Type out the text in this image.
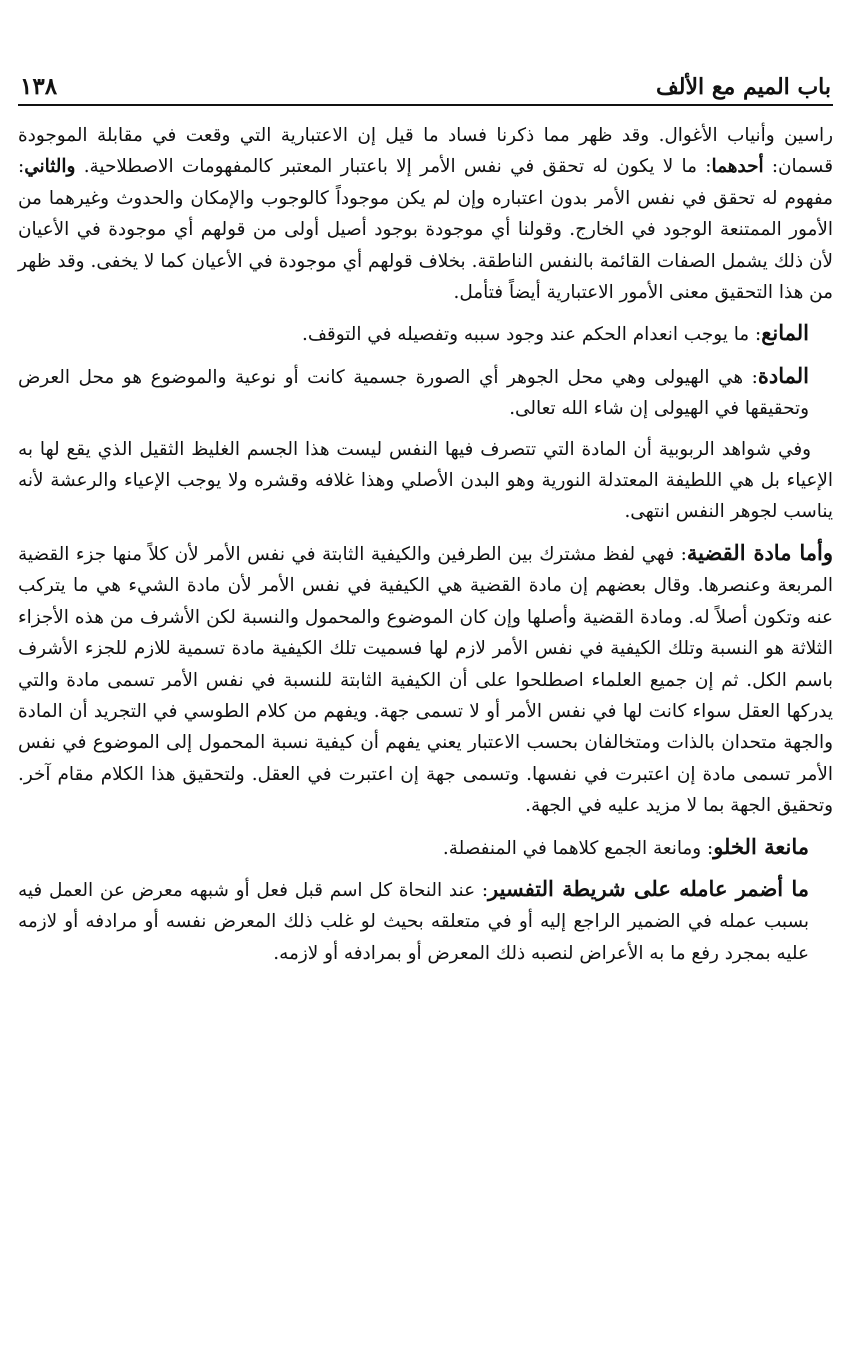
باب الميم مع الألف
١٣٨

راسين وأنياب الأغوال. وقد ظهر مما ذكرنا فساد ما قيل إن الاعتبارية التي وقعت في مقابلة الموجودة قسمان: أحدهما: ما لا يكون له تحقق في نفس الأمر إلا باعتبار المعتبر كالمفهومات الاصطلاحية. والثاني: مفهوم له تحقق في نفس الأمر بدون اعتباره وإن لم يكن موجوداً كالوجوب والإمكان والحدوث وغيرهما من الأمور الممتنعة الوجود في الخارج. وقولنا أي موجودة بوجود أصيل أولى من قولهم أي موجودة في الأعيان لأن ذلك يشمل الصفات القائمة بالنفس الناطقة. بخلاف قولهم أي موجودة في الأعيان كما لا يخفى. وقد ظهر من هذا التحقيق معنى الأمور الاعتبارية أيضاً فتأمل.

المانع: ما يوجب انعدام الحكم عند وجود سببه وتفصيله في التوقف.

المادة: هي الهيولى وهي محل الجوهر أي الصورة جسمية كانت أو نوعية والموضوع هو محل العرض وتحقيقها في الهيولى إن شاء الله تعالى.

وفي شواهد الربوبية أن المادة التي تتصرف فيها النفس ليست هذا الجسم الغليظ الثقيل الذي يقع لها به الإعياء بل هي اللطيفة المعتدلة النورية وهو البدن الأصلي وهذا غلافه وقشره ولا يوجب الإعياء والرعشة لأنه يناسب لجوهر النفس انتهى.

وأما مادة القضية: فهي لفظ مشترك بين الطرفين والكيفية الثابتة في نفس الأمر لأن كلاً منها جزء القضية المربعة وعنصرها. وقال بعضهم إن مادة القضية هي الكيفية في نفس الأمر لأن مادة الشيء هي ما يتركب عنه وتكون أصلاً له. ومادة القضية وأصلها وإن كان الموضوع والمحمول والنسبة لكن الأشرف من هذه الأجزاء الثلاثة هو النسبة وتلك الكيفية في نفس الأمر لازم لها فسميت تلك الكيفية مادة تسمية للازم للجزء الأشرف باسم الكل. ثم إن جميع العلماء اصطلحوا على أن الكيفية الثابتة للنسبة في نفس الأمر تسمى مادة والتي يدركها العقل سواء كانت لها في نفس الأمر أو لا تسمى جهة. ويفهم من كلام الطوسي في التجريد أن المادة والجهة متحدان بالذات ومتخالفان بحسب الاعتبار يعني يفهم أن كيفية نسبة المحمول إلى الموضوع في نفس الأمر تسمى مادة إن اعتبرت في نفسها. وتسمى جهة إن اعتبرت في العقل. ولتحقيق هذا الكلام مقام آخر. وتحقيق الجهة بما لا مزيد عليه في الجهة.

مانعة الخلو: ومانعة الجمع كلاهما في المنفصلة.

ما أضمر عامله على شريطة التفسير: عند النحاة كل اسم قبل فعل أو شبهه معرض عن العمل فيه بسبب عمله في الضمير الراجع إليه أو في متعلقه بحيث لو غلب ذلك المعرض نفسه أو مرادفه أو لازمه عليه بمجرد رفع ما به الأعراض لنصبه ذلك المعرض أو بمرادفه أو لازمه.
